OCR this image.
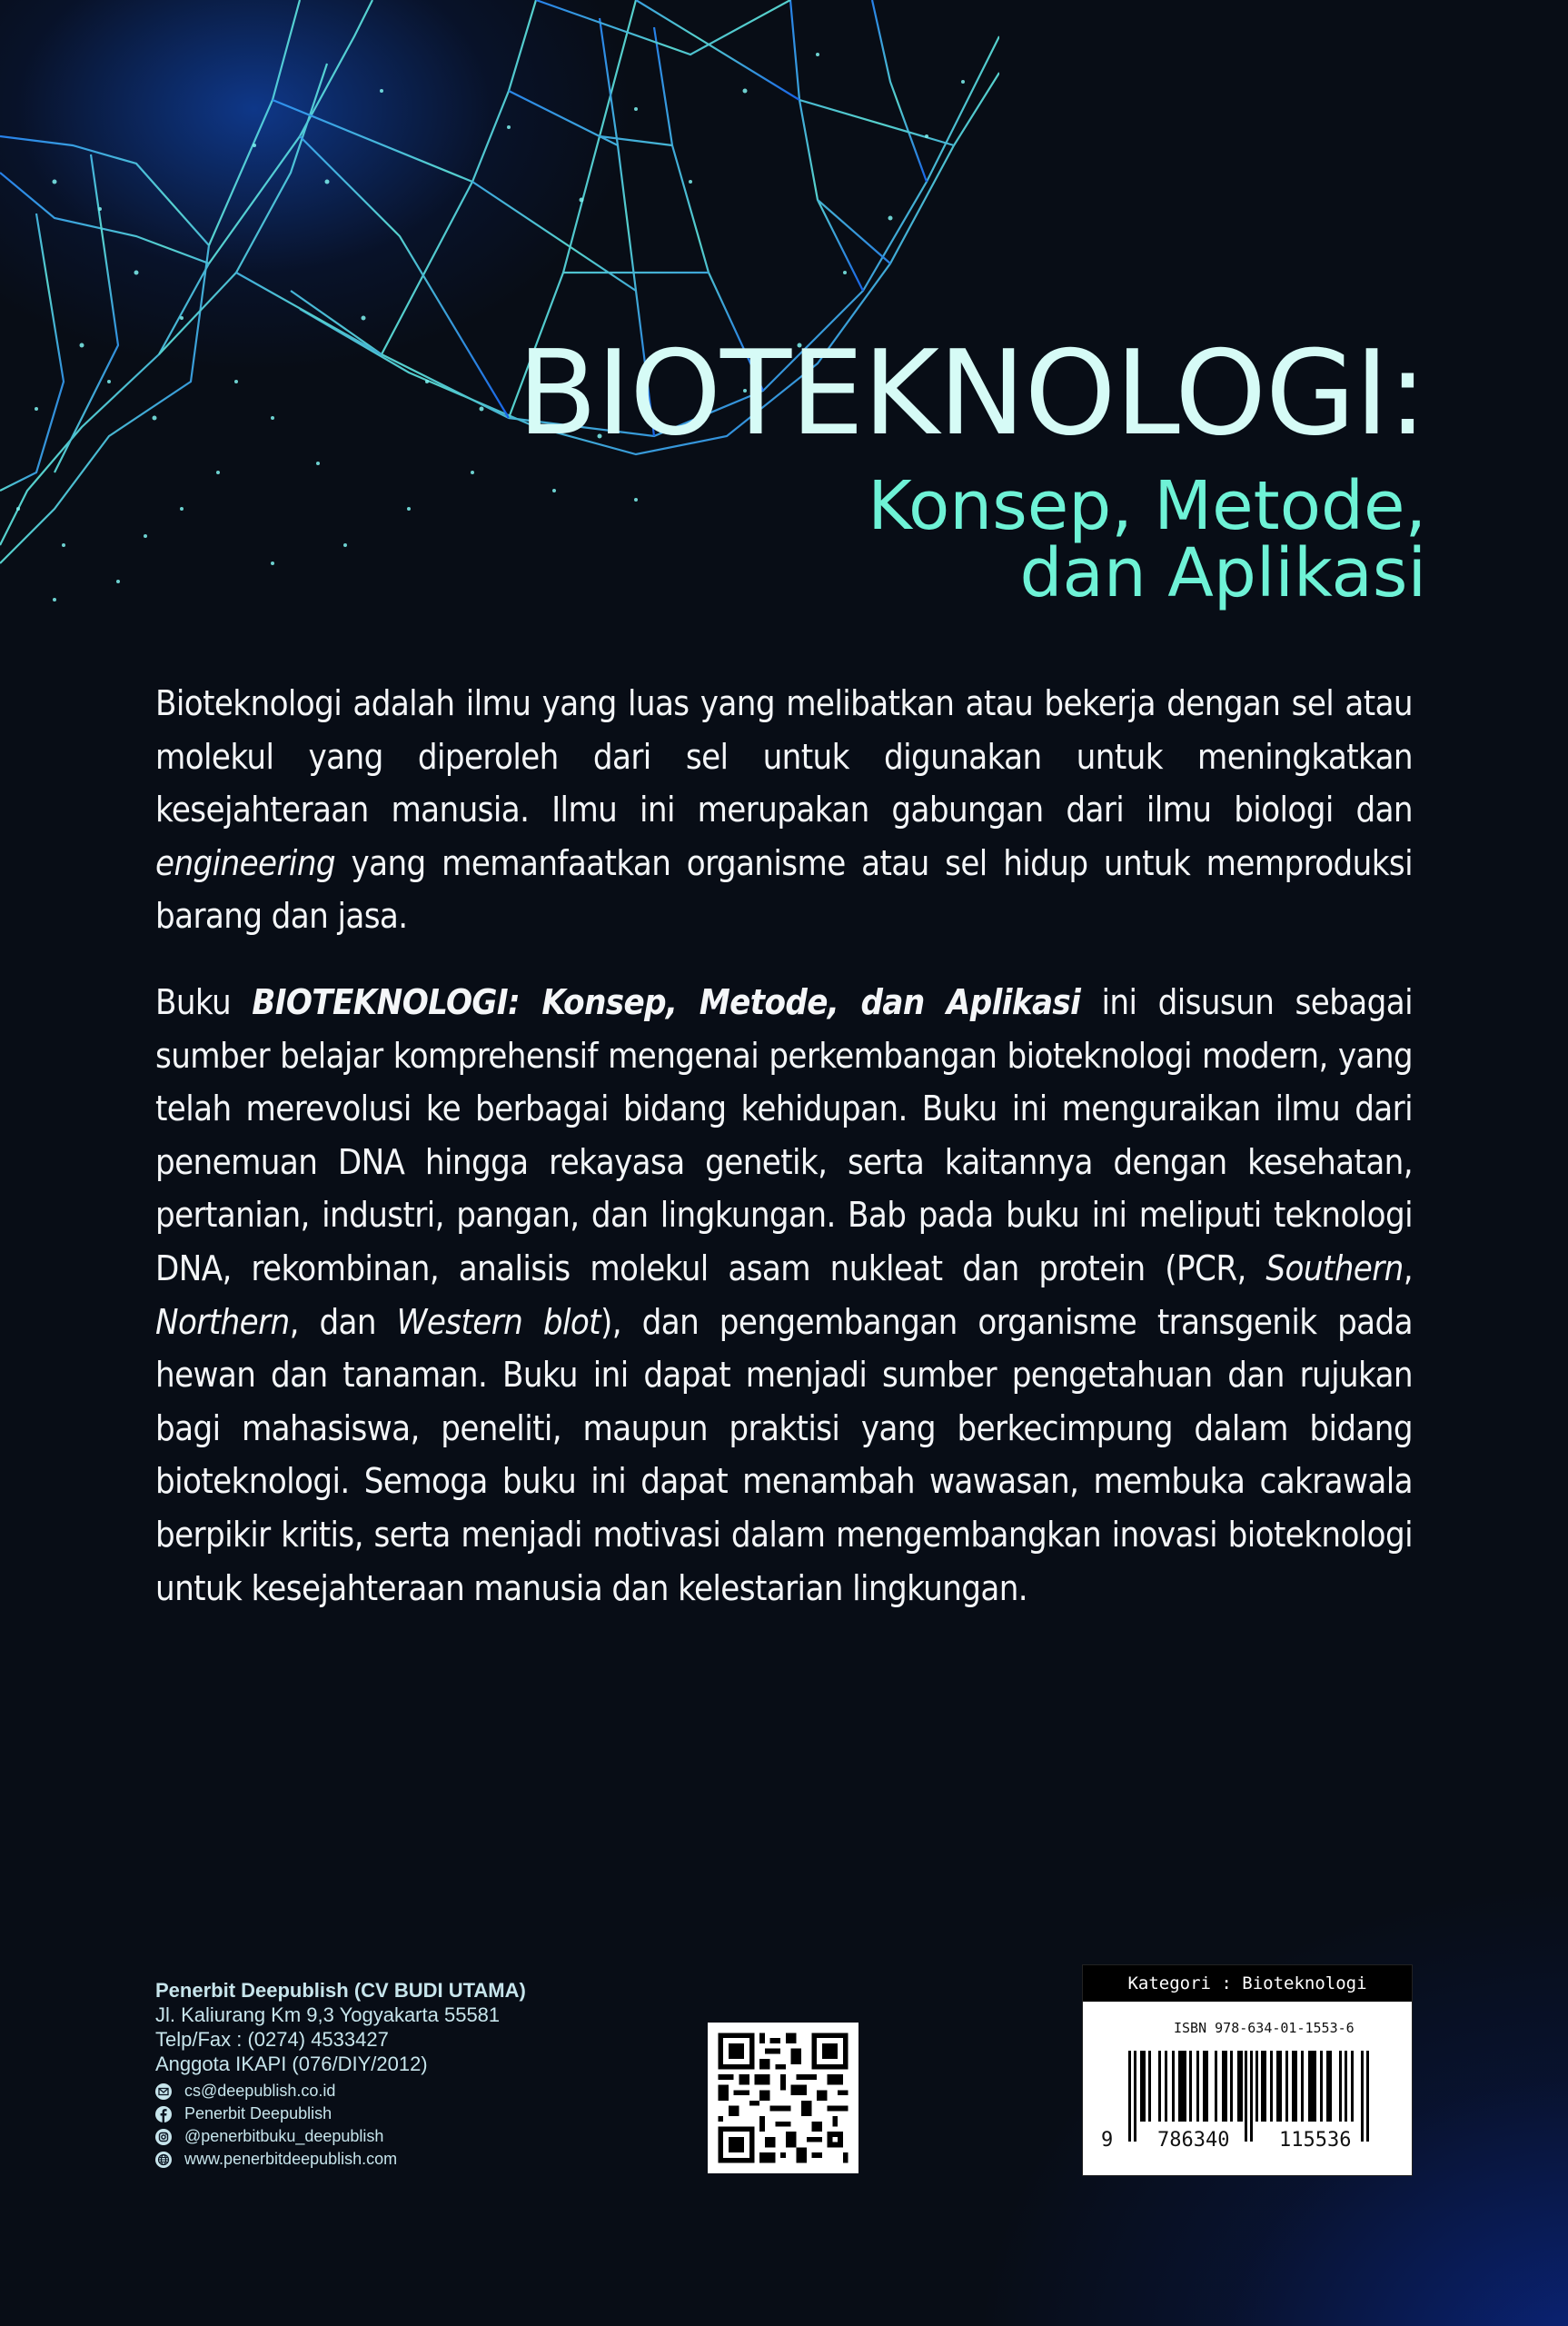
BIOTEKNOLOGI:
Konsep, Metode,
dan Aplikasi

Bioteknologi adalah ilmu yang luas yang melibatkan atau bekerja dengan sel atau molekul yang diperoleh dari sel untuk digunakan untuk meningkatkan kesejahteraan manusia. Ilmu ini merupakan gabungan dari ilmu biologi dan engineering yang memanfaatkan organisme atau sel hidup untuk memproduksi barang dan jasa.

Buku BIOTEKNOLOGI: Konsep, Metode, dan Aplikasi ini disusun sebagai sumber belajar komprehensif mengenai perkembangan bioteknologi modern, yang telah merevolusi ke berbagai bidang kehidupan. Buku ini menguraikan ilmu dari penemuan DNA hingga rekayasa genetik, serta kaitannya dengan kesehatan, pertanian, industri, pangan, dan lingkungan. Bab pada buku ini meliputi teknologi DNA, rekombinan, analisis molekul asam nukleat dan protein (PCR, Southern, Northern, dan Western blot), dan pengembangan organisme transgenik pada hewan dan tanaman. Buku ini dapat menjadi sumber pengetahuan dan rujukan bagi mahasiswa, peneliti, maupun praktisi yang berkecimpung dalam bidang bioteknologi. Semoga buku ini dapat menambah wawasan, membuka cakrawala berpikir kritis, serta menjadi motivasi dalam mengembangkan inovasi bioteknologi untuk kesejahteraan manusia dan kelestarian lingkungan.

Penerbit Deepublish (CV BUDI UTAMA)
Jl. Kaliurang Km 9,3 Yogyakarta 55581
Telp/Fax : (0274) 4533427
Anggota IKAPI (076/DIY/2012)
cs@deepublish.co.id
Penerbit Deepublish
@penerbitbuku_deepublish
www.penerbitdeepublish.com
Kategori : Bioteknologi
ISBN 978-634-01-1553-6
9 786340 115536
